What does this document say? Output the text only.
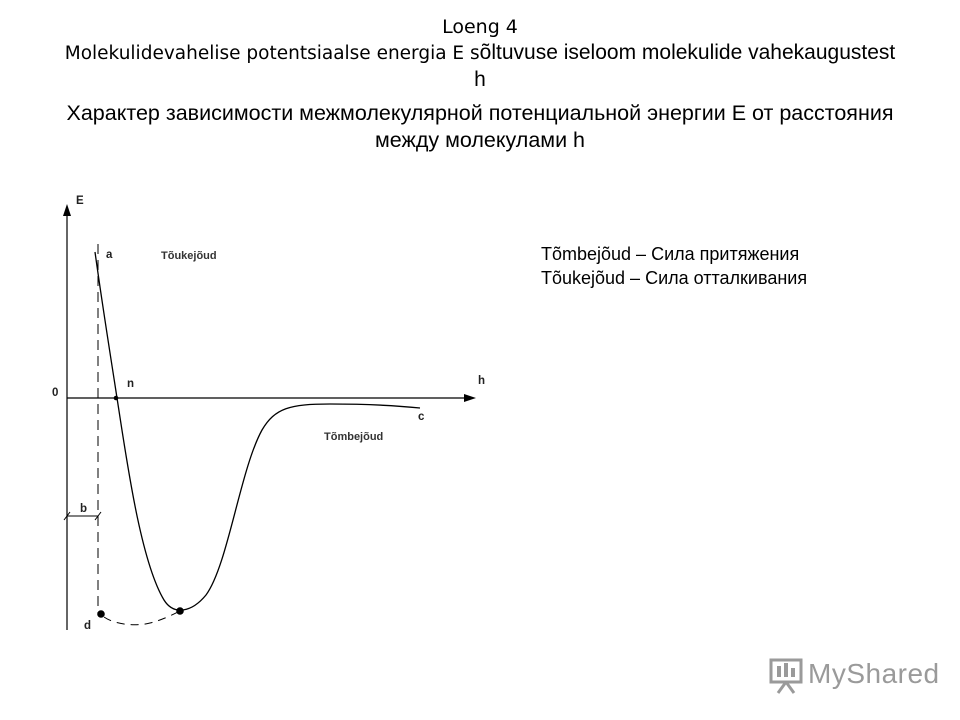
Loeng 4
Molekulidevahelise potentsiaalse energia E sõltuvuse iseloom molekulide vahekaugustest h
Характер зависимости межмолекулярной потенциальной энергии E от расстояния между молекулами h
E
h
0
a
n
c
b
d
Tõukejõud
Tõmbejõud
Tõmbejõud – Сила притяжения
Tõukejõud – Сила отталкивания
MyShared
